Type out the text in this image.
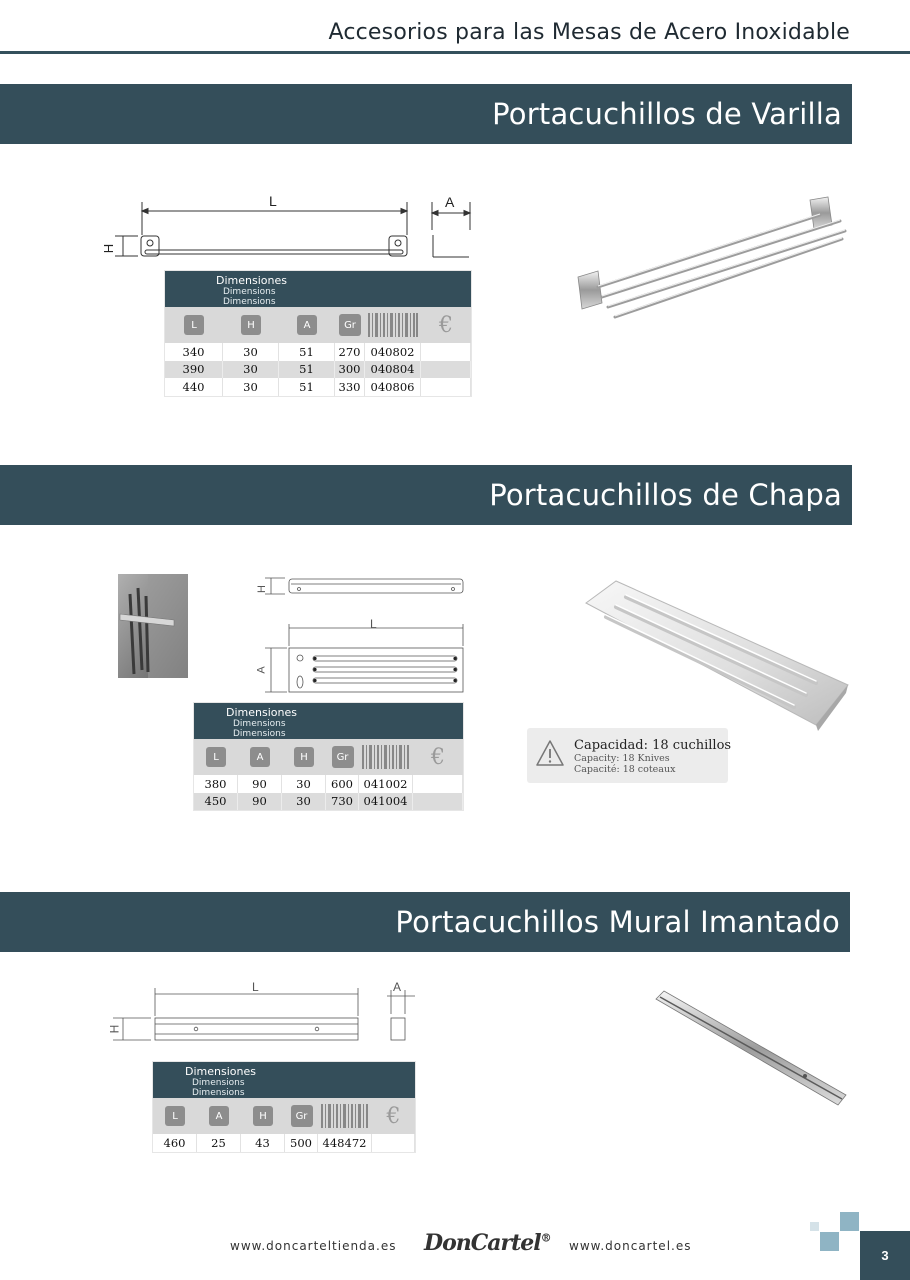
Accesorios para las Mesas de Acero Inoxidable
Portacuchillos de Varilla
L
H
A
Dimensiones
Dimensions
Dimensions
L	H	A	Gr	€
340	30	51	270 040802
390	30	51	300 040804
440	30	51	330 040806
Portacuchillos de Chapa
H
L
A
Capacidad: 18 cuchillos
Capacity: 18 Knives
Capacité: 18 coteaux
Dimensiones
Dimensions
Dimensions
L	A	H	Gr	€
380	90	30	600 041002
450	90	30	730 041004
Portacuchillos Mural Imantado
L
H
A
Dimensiones
Dimensions
Dimensions
L	A	H	Gr	€
460	25	43	500 448472
www.doncarteltienda.es DonCartel®
www.doncartel.es
3
